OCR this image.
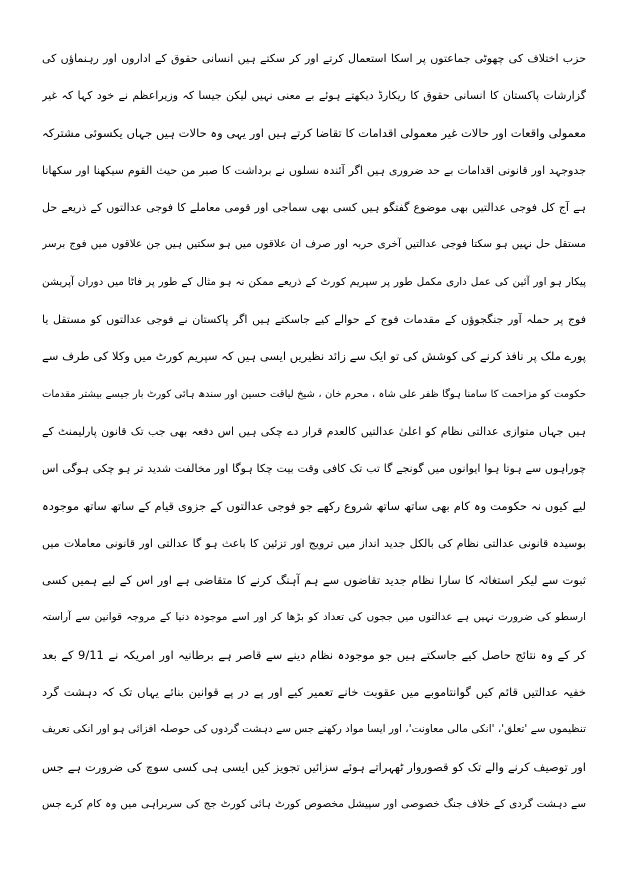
حزب اختلاف کی چھوٹی جماعتوں پر اسکا استعمال کرتے اور کر سکتے ہیں انسانی حقوق کے اداروں اور رہنماؤں کی
گزارشات پاکستان کا انسانی حقوق کا ریکارڈ دیکھتے ہوئے بے معنی نہیں لیکن جیسا کہ وزیراعظم نے خود کہا کہ غیر
معمولی واقعات اور حالات غیر معمولی اقدامات کا تقاضا کرتے ہیں اور یہی وہ حالات ہیں جہاں یکسوئی مشترکہ
جدوجہد اور قانونی اقدامات بے حد ضروری ہیں اگر آئندہ نسلوں نے برداشت کا صبر من حیث القوم سیکھنا اور سکھانا
ہے آج کل فوجی عدالتیں بھی موضوع گفتگو ہیں کسی بھی سماجی اور قومی معاملے کا فوجی عدالتوں کے ذریعے حل
مستقل حل نہیں ہو سکتا فوجی عدالتیں آخری حربہ اور صرف ان علاقوں میں ہو سکتیں ہیں جن علاقوں میں فوج برسر
پیکار ہو اور آئین کی عمل داری مکمل طور پر سپریم کورٹ کے ذریعے ممکن نہ ہو مثال کے طور پر فاٹا میں دوران آپریشن
فوج پر حملہ آور جنگجوؤں کے مقدمات فوج کے حوالے کیے جاسکتے ہیں اگر پاکستان نے فوجی عدالتوں کو مستقل یا
پورے ملک پر نافذ کرنے کی کوشش کی تو ایک سے زائد نظیریں ایسی ہیں کہ سپریم کورٹ میں وکلا کی طرف سے
حکومت کو مزاحمت کا سامنا ہوگا ظفر علی شاہ ، محرم خان ، شیخ لیاقت حسین اور سندھ ہائی کورٹ بار جیسے بیشتر مقدمات
ہیں جہاں متوازی عدالتی نظام کو اعلیٰ عدالتیں کالعدم قرار دے چکی ہیں اس دفعہ بھی جب تک قانون پارلیمنٹ کے
چوراہوں سے ہوتا ہوا ایوانوں میں گونجے گا تب تک کافی وقت بیت چکا ہوگا اور مخالفت شدید تر ہو چکی ہوگی اس
لیے کیوں نہ حکومت وہ کام بھی ساتھ ساتھ شروع رکھے جو فوجی عدالتوں کے جزوی قیام کے ساتھ ساتھ موجودہ
بوسیدہ قانونی عدالتی نظام کی بالکل جدید انداز میں ترویج اور تزئین کا باعث ہو گا عدالتی اور قانونی معاملات میں
ثبوت سے لیکر استغاثہ کا سارا نظام جدید تقاضوں سے ہم آہنگ کرنے کا متقاضی ہے اور اس کے لیے ہمیں کسی
ارسطو کی ضرورت نہیں ہے عدالتوں میں ججوں کی تعداد کو بڑھا کر اور اسے موجودہ دنیا کے مروجہ قوانین سے آراستہ
کر کے وہ نتائج حاصل کیے جاسکتے ہیں جو موجودہ نظام دینے سے قاصر ہے برطانیہ اور امریکہ نے 9/11 کے بعد
خفیہ عدالتیں قائم کیں گوانتاموبے میں عقوبت خانے تعمیر کیے اور پے در پے قوانین بنائے یہاں تک کہ دہشت گرد
تنظیموں سے 'تعلق'، 'انکی مالی معاونت'، اور ایسا مواد رکھنے جس سے دہشت گردوں کی حوصلہ افزائی ہو اور انکی تعریف
اور توصیف کرنے والے تک کو قصوروار ٹھہراتے ہوئے سزائیں تجویز کیں ایسی ہی کسی سوچ کی ضرورت ہے جس
سے دہشت گردی کے خلاف جنگ خصوصی اور سپیشل مخصوص کورٹ ہائی کورٹ جج کی سربراہی میں وہ کام کرے جس
